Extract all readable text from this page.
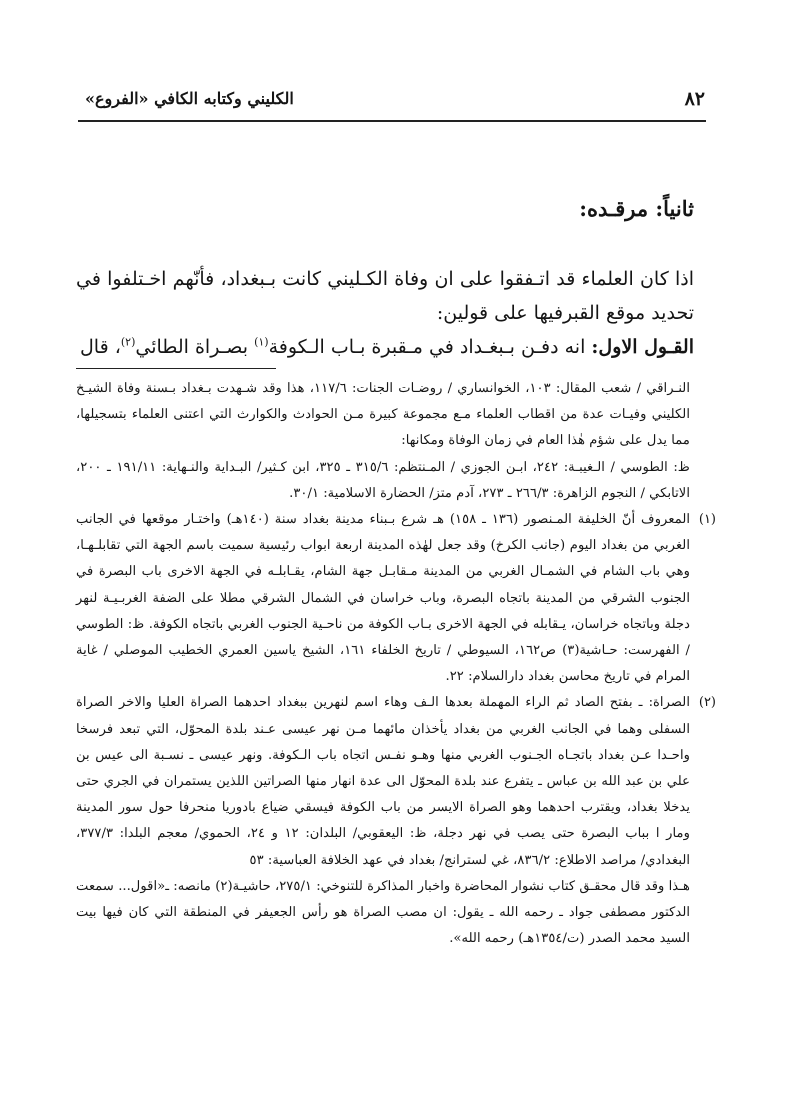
٨٢
الكليني وكتابه الكافي «الفروع»
ثانياً: مرقـده:

اذا كان العلماء قد اتـفقوا على ان وفاة الكـليني كانت بـبغداد، فأنّهم اخـتلفوا في تحديد موقع القبرفيها على قولين:

القـول الاول: انه دفـن بـبغـداد في مـقبرة بـاب الـكوفة$^{(١)}$ بصـراة الطائي$^{(٢)}$، قال

النـراقي / شعب المقال: ١٠٣، الخوانساري / روضـات الجنات: ١١٧/٦، هذا وقد شـهدت بـغداد بـسنة وفاة الشيـخ الكليني وفيـات عدة من اقطاب العلماء مـع مجموعة كبيرة مـن الحوادث والكوارث التي اعتنى العلماء بتسجيلها، مما يدل على شؤم هٰذا العام في زمان الوفاة ومكانها:

ظ: الطوسي / الـغيبـة: ٢٤٢، ابـن الجوزي / المـنتظم: ٣١٥/٦ ـ ٣٢٥، ابن كـثير/ البـداية والنـهاية: ١٩١/١١ ـ ٢٠٠، الاتابكي / النجوم الزاهرة: ٢٦٦/٣ ـ ٢٧٣، آدم متز/ الحضارة الاسلامية: ٣٠/١.

(١)
المعروف أنّ الخليفة المـنصور (١٣٦ ـ ١٥٨) هـ شرع بـبناء مدينة بغداد سنة (١٤٠هـ) واختـار موقعها في الجانب الغربي من بغداد اليوم (جانب الكرخ) وقد جعل لهٰذه المدينة اربعة ابواب رئيسية سميت باسم الجهة التي تقابلـهـا، وهي باب الشام في الشمـال الغربي من المدينة مـقابـل جهة الشام، يقـابلـه في الجهة الاخرى باب البصرة في الجنوب الشرقي من المدينة باتجاه البصرة، وباب خراسان في الشمال الشرقي مطلا على الضفة الغربـيـة لنهر دجلة وباتجاه خراسان، يـقابله في الجهة الاخرى بـاب الكوفة من ناحـية الجنوب الغربي باتجاه الكوفة. ظ: الطوسي / الفهرست: حـاشية(٣) ص١٦٢، السيوطي / تاريخ الخلفاء ١٦١، الشيخ ياسين العمري الخطيب الموصلي / غاية المرام في تاريخ محاسن بغداد دارالسلام: ٢٢.

(٢)
الصراة: ـ بفتح الصاد ثم الراء المهملة بعدها الـف وهاء اسم لنهرين ببغداد احدهما الصراة العليا والاخر الصراة السفلى وهما في الجانب الغربي من بغداد يأخذان مائهما مـن نهر عيسى عـند بلدة المحوّل، التي تبعد فرسخا واحـدا عـن بغداد باتجـاه الجـنوب الغربي منها وهـو نفـس اتجاه باب الـكوفة. ونهر عيسى ـ نسـبة الى عيس بن علي بن عبد الله بن عباس ـ يتفرع عند بلدة المحوّل الى عدة انهار منها الصراتين اللذين يستمران في الجري حتى يدخلا بغداد، ويقترب احدهما وهو الصراة الايسر من باب الكوفة فيسقي ضياع بادوريا منحرفا حول سور المدينة ومار ا بباب البصرة حتى يصب في نهر دجلة، ظ: اليعقوبي/ البلدان: ١٢ و ٢٤، الحموي/ معجم البلدا: ٣٧٧/٣، البغدادي/ مراصد الاطلاع: ٨٣٦/٢، غي لسترانج/ بغداد في عهد الخلافة العباسية: ٥٣

هـذا وقد قال محقـق كتاب نشوار المحاضرة واخبار المذاكرة للتنوخي: ٢٧٥/١، حاشيـة(٢) مانصه: ـ«اقول... سمعت الدكتور مصطفى جواد ـ رحمه الله ـ يقول: ان مصب الصراة هو رأس الجعيفر في المنطقة التي كان فيها بيت السيد محمد الصدر (ت/١٣٥٤هـ) رحمه الله».
